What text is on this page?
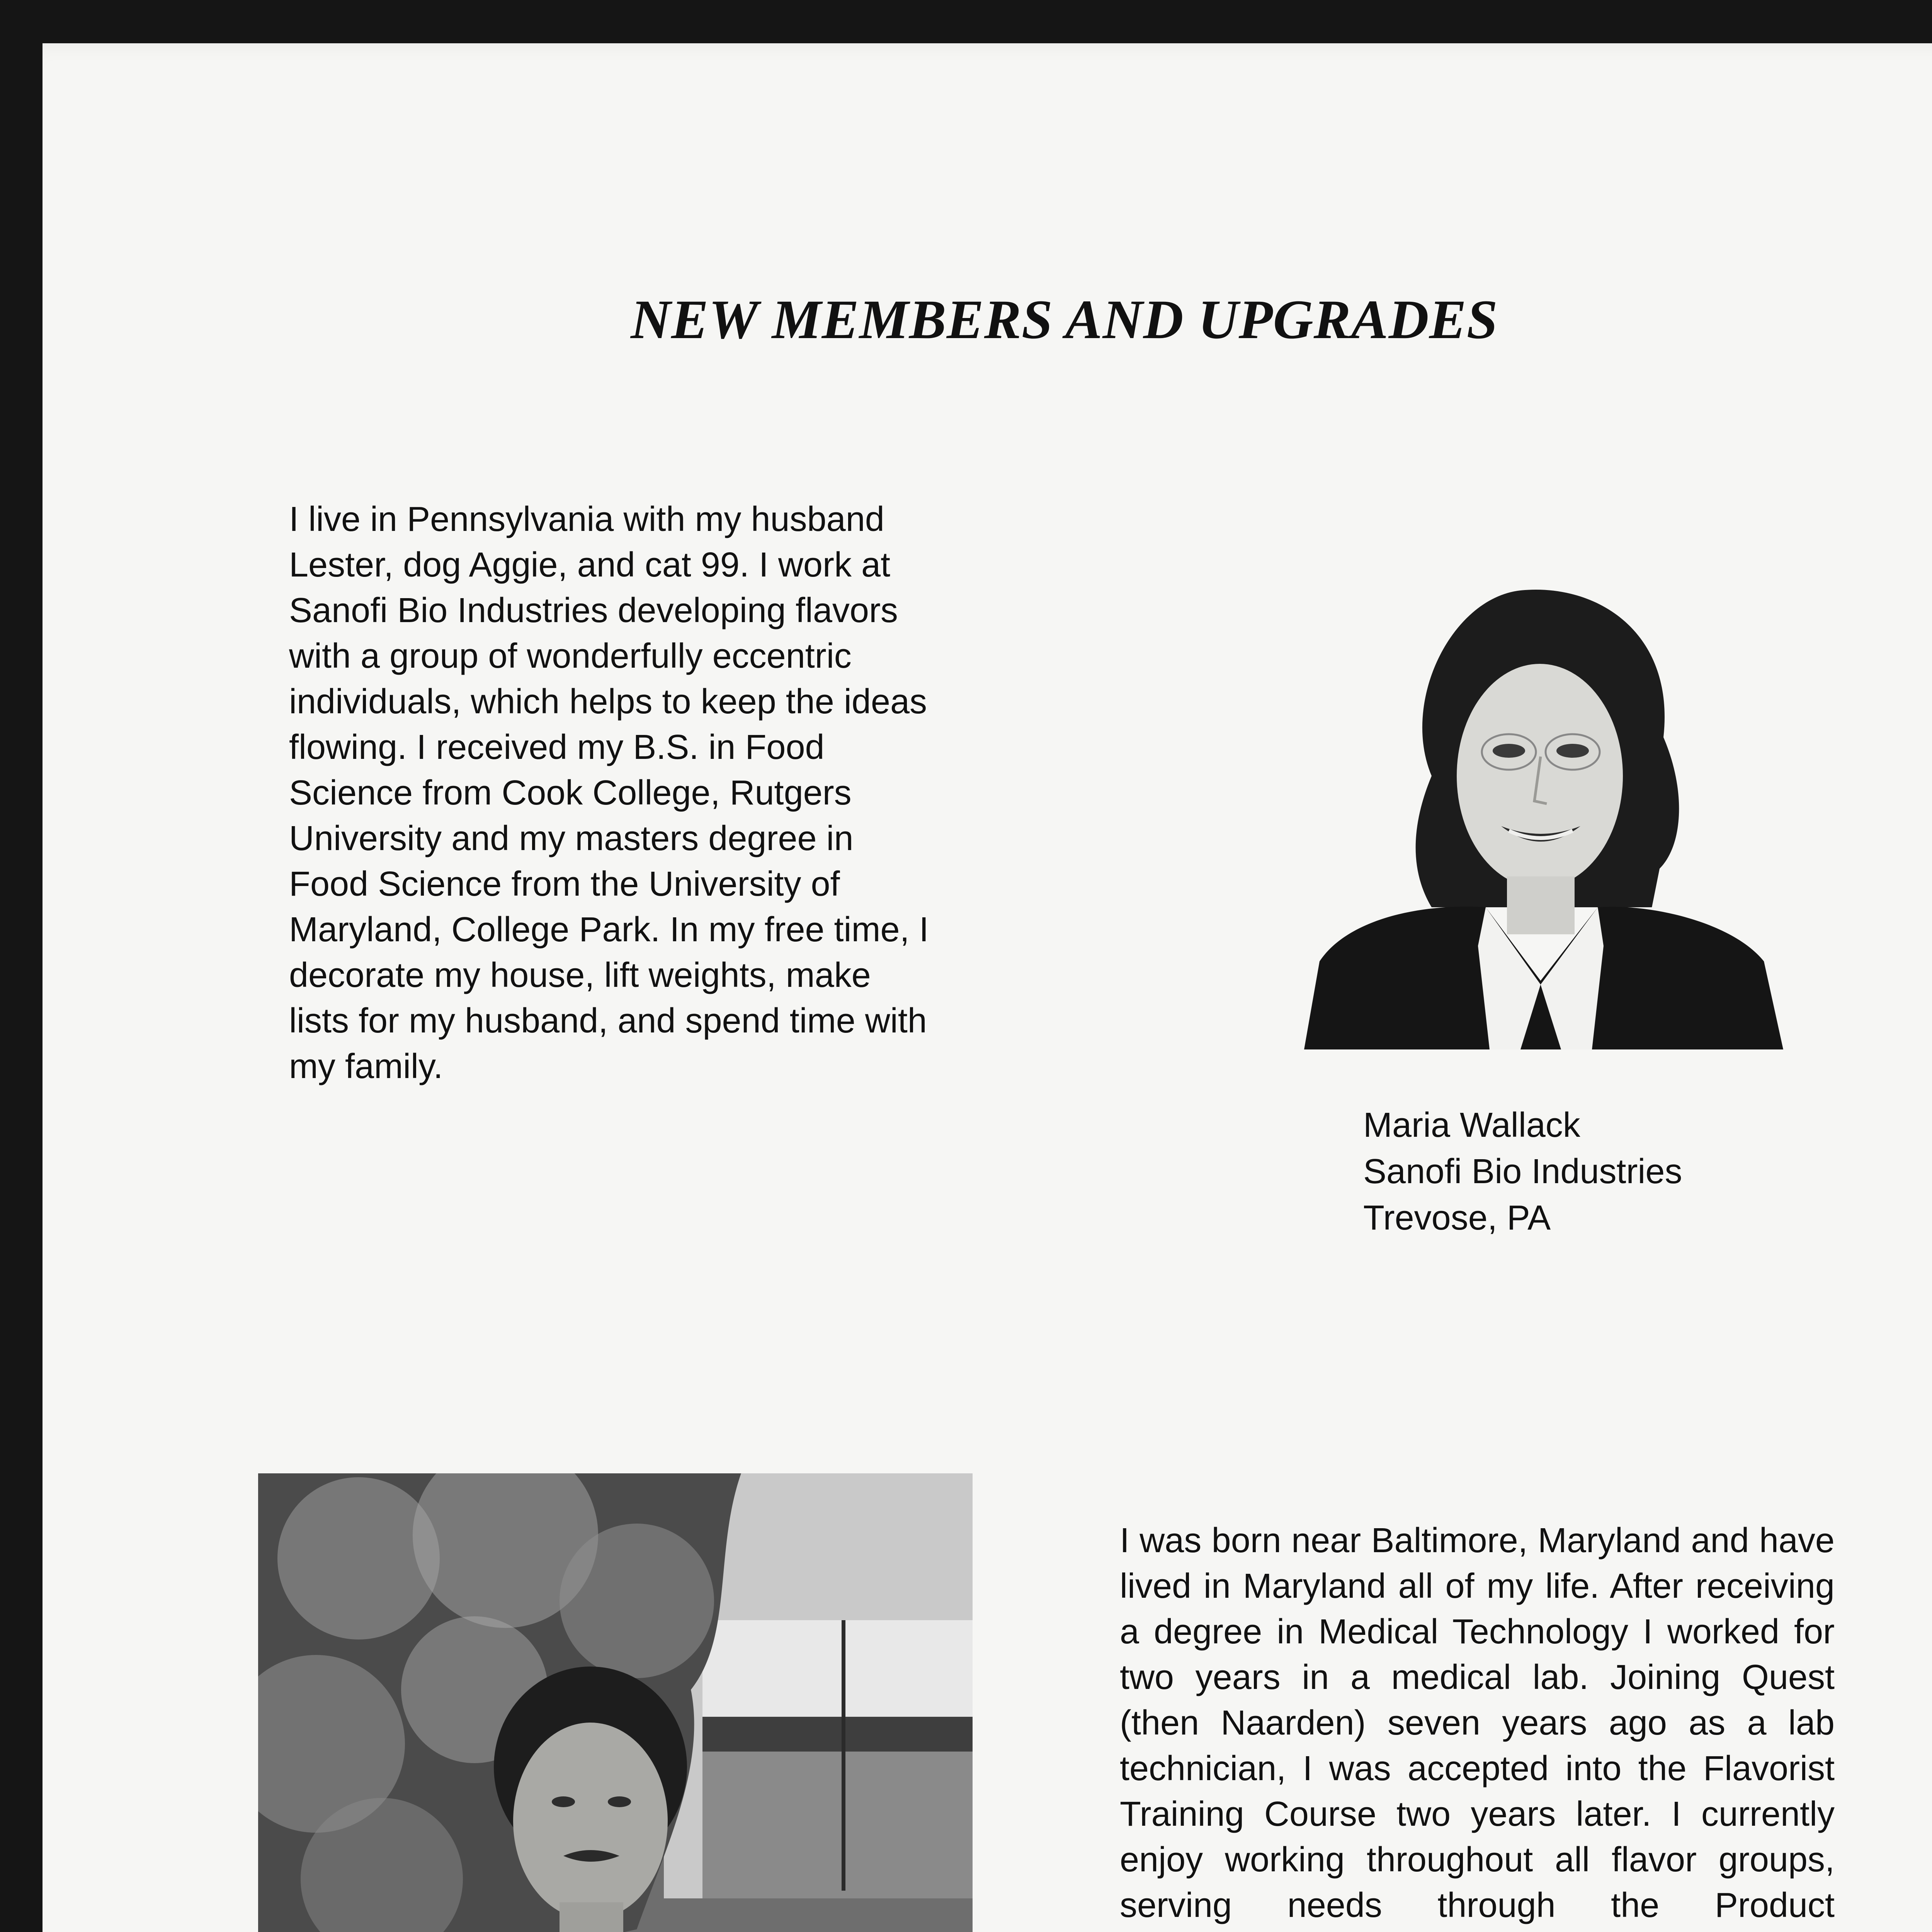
NEW MEMBERS AND UPGRADES

I live in Pennsylvania with my husband Lester, dog Aggie, and cat 99. I work at Sanofi Bio Industries developing flavors with a group of wonderfully eccentric individuals, which helps to keep the ideas flowing. I received my B.S. in Food Science from Cook College, Rutgers University and my masters degree in Food Science from the University of Maryland, College Park. In my free time, I decorate my house, lift weights, make lists for my husband, and spend time with my family.

Maria Wallack
Sanofi Bio Industries
Trevose, PA

I was born near Baltimore, Maryland and have lived in Maryland all of my life. After receiving a degree in Medical Technology I worked for two years in a medical lab. Joining Quest (then Naarden) seven years ago as a lab technician, I was accepted into the Flavorist Training Course two years later. I currently enjoy working throughout all flavor groups, serving needs through the Product
